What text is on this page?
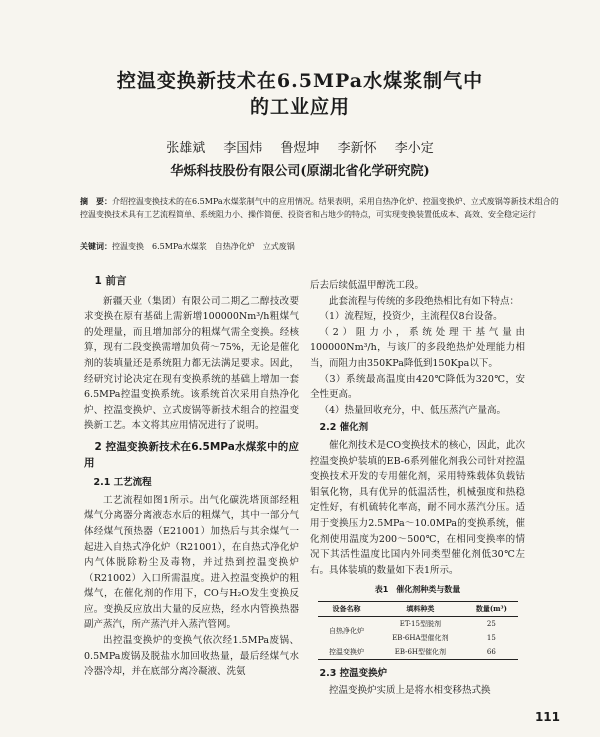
控温变换新技术在6.5MPa水煤浆制气中
的工业应用
张雄斌 李国炜 鲁煜坤 李新怀 李小定
华烁科技股份有限公司(原湖北省化学研究院)
摘　要：介绍控温变换技术的在6.5MPa水煤浆制气中的应用情况。结果表明，采用自热净化炉、控温变换炉、立式废锅等新技术组合的控温变换技术具有工艺流程简单、系统阻力小、操作简便、投资省和占地少的特点，可实现变换装置低成本、高效、安全稳定运行
关键词：控温变换　6.5MPa水煤浆　自热净化炉　立式废锅
1 前言

新疆天业（集团）有限公司二期乙二醇技改要求变换在原有基础上需新增100000Nm³/h粗煤气的处理量，而且增加部分的粗煤气需全变换。经核算，现有二段变换需增加负荷～75%，无论是催化剂的装填量还是系统阻力都无法满足要求。因此，经研究讨论决定在现有变换系统的基础上增加一套6.5MPa控温变换系统。该系统首次采用自热净化炉、控温变换炉、立式废锅等新技术组合的控温变换新工艺。本文将其应用情况进行了说明。

2 控温变换新技术在6.5MPa水煤浆中的应用
2.1 工艺流程

工艺流程如图1所示。出气化碳洗塔顶部经粗煤气分离器分离液态水后的粗煤气，其中一部分气体经煤气预热器（E21001）加热后与其余煤气一起进入自热式净化炉（R21001），在自热式净化炉内气体脱除粉尘及毒物，并过热到控温变换炉（R21002）入口所需温度。进入控温变换炉的粗煤气，在催化剂的作用下，CO与H₂O发生变换反应。变换反应放出大量的反应热，经水内管换热器副产蒸汽，所产蒸汽并入蒸汽管网。

出控温变换炉的变换气依次经1.5MPa废锅、0.5MPa废锅及脱盐水加回收热量，最后经煤气水冷器冷却，并在底部分离冷凝液、洗氨

后去后续低温甲醇洗工段。

此套流程与传统的多段绝热相比有如下特点：

（1）流程短，投资少，主流程仅8台设备。

（2）阻力小，系统处理干基气量由100000Nm³/h，与该厂的多段绝热炉处理能力相当，而阻力由350KPa降低到150Kpa以下。

（3）系统最高温度由420℃降低为320℃，安全性更高。

（4）热量回收充分，中、低压蒸汽产量高。

2.2 催化剂

催化剂技术是CO变换技术的核心，因此，此次控温变换炉装填的EB-6系列催化剂我公司针对控温变换技术开发的专用催化剂，采用特殊载体负载钴钼氧化物，具有优异的低温活性，机械强度和热稳定性好，有机硫转化率高，耐不同水蒸汽分压。适用于变换压力2.5MPa～10.0MPa的变换系统，催化剂使用温度为200～500℃，在相同变换率的情况下其活性温度比国内外同类型催化剂低30℃左右。具体装填的数量如下表1所示。

表1　催化剂种类与数量
设备名称	填料种类	数量(m³)
自热净化炉	ET-15型脱剂	25
	EB-6HA型催化剂	15
控温变换炉	EB-6H型催化剂	66
2.3 控温变换炉

控温变换炉实质上是将水相变移热式换

111
